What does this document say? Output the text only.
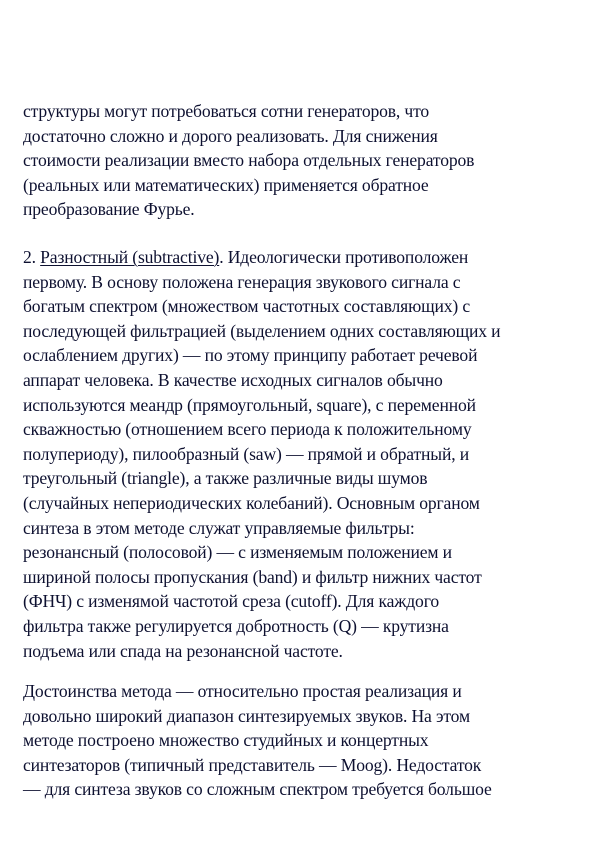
структуры могут потребоваться сотни генераторов, что
достаточно сложно и дорого реализовать. Для снижения
стоимости реализации вместо набора отдельных генераторов
(реальных или математических) применяется обратное
преобразование Фурье.
2. Разностный (subtractive). Идеологически противоположен
первому. В основу положена генерация звукового сигнала с
богатым спектром (множеством частотных составляющих) с
последующей фильтрацией (выделением одних составляющих и
ослаблением других) — по этому принципу работает речевой
аппарат человека. В качестве исходных сигналов обычно
используются меандр (прямоугольный, square), с переменной
скважностью (отношением всего периода к положительному
полупериоду), пилообразный (saw) — прямой и обратный, и
треугольный (triangle), а также различные виды шумов
(случайных непериодических колебаний). Основным органом
синтеза в этом методе служат управляемые фильтры:
резонансный (полосовой) — с изменяемым положением и
шириной полосы пропускания (band) и фильтр нижних частот
(ФНЧ) с изменямой частотой среза (cutoff). Для каждого
фильтра также регулируется добротность (Q) — крутизна
подъема или спада на резонансной частоте.
Достоинства метода — относительно простая реализация и
довольно широкий диапазон синтезируемых звуков. На этом
методе построено множество студийных и концертных
синтезаторов (типичный представитель — Moog). Недостаток
— для синтеза звуков со сложным спектром требуется большое
